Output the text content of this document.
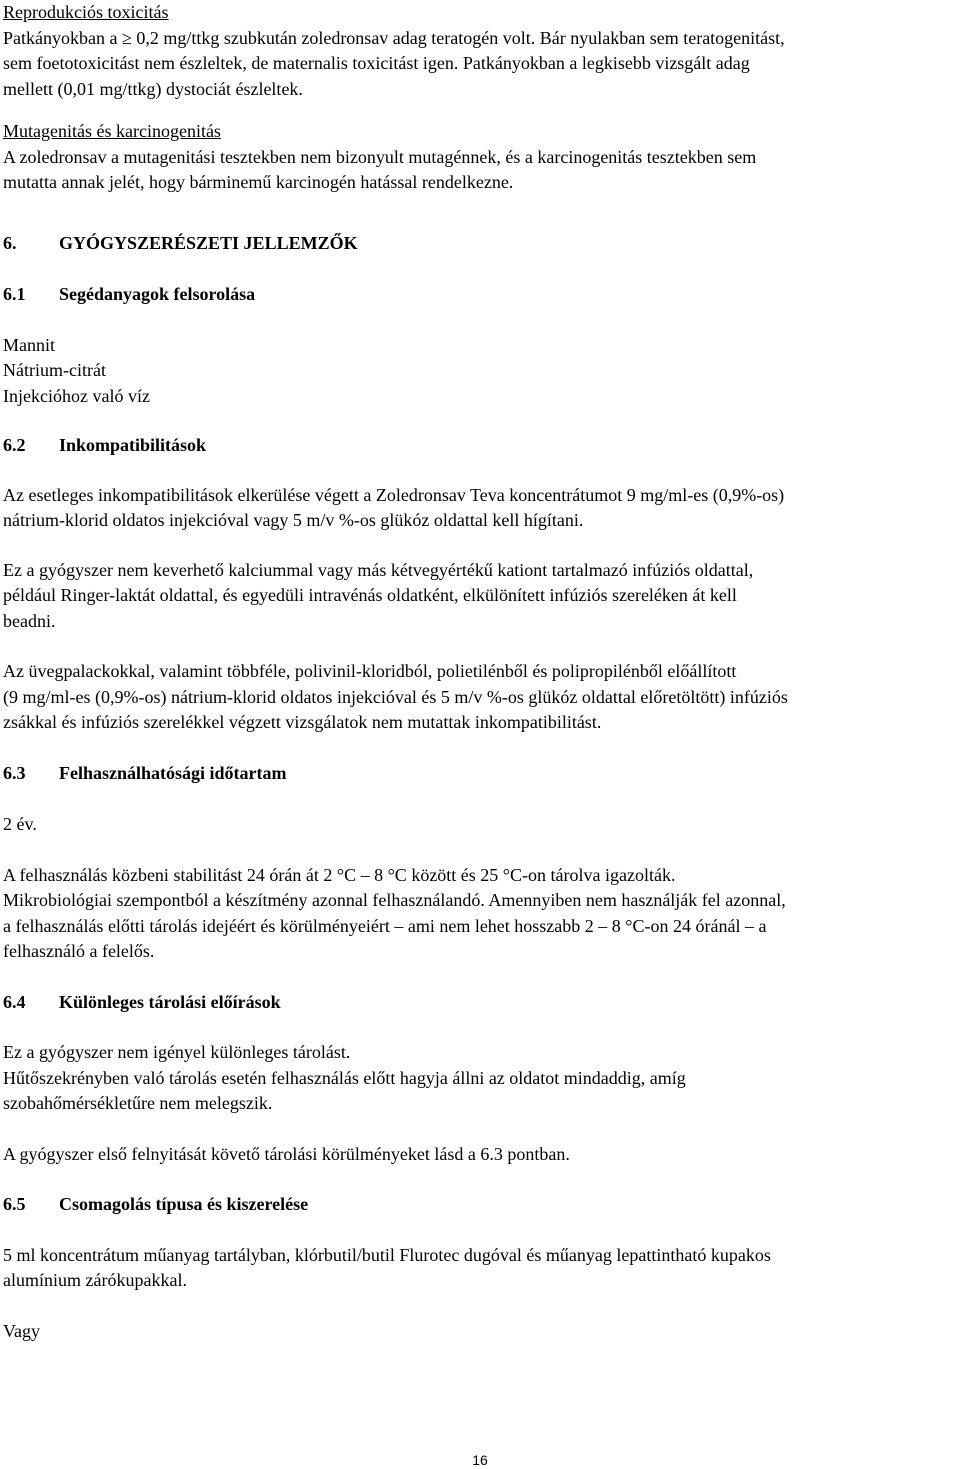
Reprodukciós toxicitás

Patkányokban a ≥ 0,2 mg/ttkg szubkután zoledronsav adag teratogén volt. Bár nyulakban sem teratogenitást,

sem foetotoxicitást nem észleltek, de maternalis toxicitást igen. Patkányokban a legkisebb vizsgált adag

mellett (0,01 mg/ttkg) dystociát észleltek.

Mutagenitás és karcinogenitás

A zoledronsav a mutagenitási tesztekben nem bizonyult mutagénnek, és a karcinogenitás tesztekben sem

mutatta annak jelét, hogy bárminemű karcinogén hatással rendelkezne.

6.	GYÓGYSZERÉSZETI JELLEMZŐK

6.1	Segédanyagok felsorolása

Mannit

Nátrium-citrát

Injekcióhoz való víz

6.2	Inkompatibilitások

Az esetleges inkompatibilitások elkerülése végett a Zoledronsav Teva koncentrátumot 9 mg/ml-es (0,9%-os)

nátrium-klorid oldatos injekcióval vagy 5 m/v %-os glükóz oldattal kell hígítani.

Ez a gyógyszer nem keverhető kalciummal vagy más kétvegyértékű kationt tartalmazó infúziós oldattal,

például Ringer-laktát oldattal, és egyedüli intravénás oldatként, elkülönített infúziós szereléken át kell

beadni.

Az üvegpalackokkal, valamint többféle, polivinil-kloridból, polietilénből és polipropilénből előállított

(9 mg/ml-es (0,9%-os) nátrium-klorid oldatos injekcióval és 5 m/v %-os glükóz oldattal előretöltött) infúziós

zsákkal és infúziós szerelékkel végzett vizsgálatok nem mutattak inkompatibilitást.

6.3	Felhasználhatósági időtartam

2 év.

A felhasználás közbeni stabilitást 24 órán át 2 °C – 8 °C között és 25 °C-on tárolva igazolták.

Mikrobiológiai szempontból a készítmény azonnal felhasználandó. Amennyiben nem használják fel azonnal,

a felhasználás előtti tárolás idejéért és körülményeiért – ami nem lehet hosszabb 2 – 8 °C-on 24 óránál – a

felhasználó a felelős.

6.4	Különleges tárolási előírások

Ez a gyógyszer nem igényel különleges tárolást.

Hűtőszekrényben való tárolás esetén felhasználás előtt hagyja állni az oldatot mindaddig, amíg

szobahőmérsékletűre nem melegszik.

A gyógyszer első felnyitását követő tárolási körülményeket lásd a 6.3 pontban.

6.5	Csomagolás típusa és kiszerelése

5 ml koncentrátum műanyag tartályban, klórbutil/butil Flurotec dugóval és műanyag lepattintható kupakos

alumínium zárókupakkal.

Vagy

16
